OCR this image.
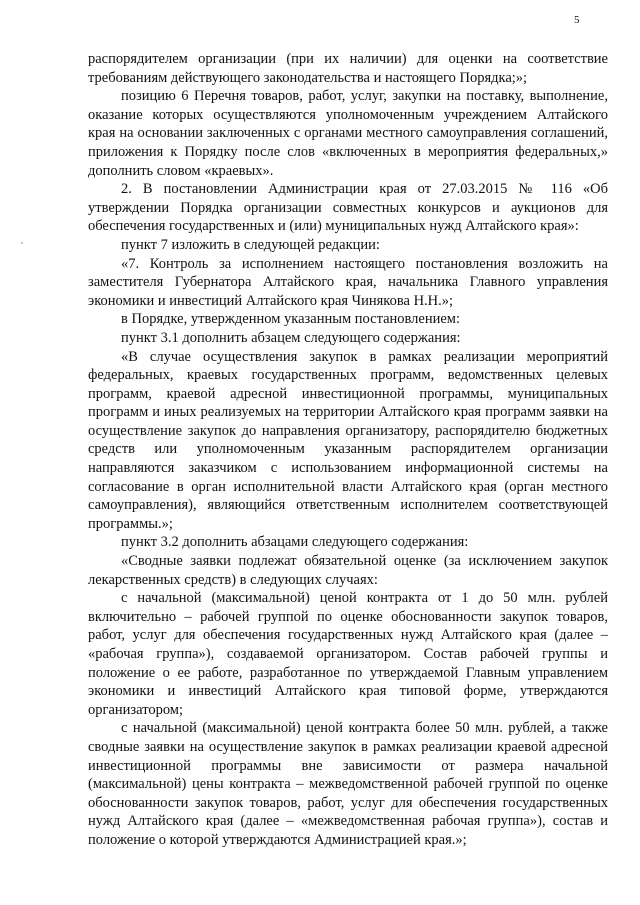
5
,

распорядителем организации (при их наличии) для оценки на соответствие требованиям действующего законодательства и настоящего Порядка;»;

позицию 6 Перечня товаров, работ, услуг, закупки на поставку, выполнение, оказание которых осуществляются уполномоченным учреждением Алтайского края на основании заключенных с органами местного самоуправления соглашений, приложения к Порядку после слов «включенных в мероприятия федеральных,» дополнить словом «краевых».

2. В постановлении Администрации края от 27.03.2015 № 116 «Об утверждении Порядка организации совместных конкурсов и аукционов для обеспечения государственных и (или) муниципальных нужд Алтайского края»:

пункт 7 изложить в следующей редакции:

«7. Контроль за исполнением настоящего постановления возложить на заместителя Губернатора Алтайского края, начальника Главного управления экономики и инвестиций Алтайского края Чинякова Н.Н.»;

в Порядке, утвержденном указанным постановлением:

пункт 3.1 дополнить абзацем следующего содержания:

«В случае осуществления закупок в рамках реализации мероприятий федеральных, краевых государственных программ, ведомственных целевых программ, краевой адресной инвестиционной программы, муниципальных программ и иных реализуемых на территории Алтайского края программ заявки на осуществление закупок до направления организатору, распорядителю бюджетных средств или уполномоченным указанным распорядителем организации направляются заказчиком с использованием информационной системы на согласование в орган исполнительной власти Алтайского края (орган местного самоуправления), являющийся ответственным исполнителем соответствующей программы.»;

пункт 3.2 дополнить абзацами следующего содержания:

«Сводные заявки подлежат обязательной оценке (за исключением закупок лекарственных средств) в следующих случаях:

с начальной (максимальной) ценой контракта от 1 до 50 млн. рублей включительно – рабочей группой по оценке обоснованности закупок товаров, работ, услуг для обеспечения государственных нужд Алтайского края (далее – «рабочая группа»), создаваемой организатором. Состав рабочей группы и положение о ее работе, разработанное по утверждаемой Главным управлением экономики и инвестиций Алтайского края типовой форме, утверждаются организатором;

с начальной (максимальной) ценой контракта более 50 млн. рублей, а также сводные заявки на осуществление закупок в рамках реализации краевой адресной инвестиционной программы вне зависимости от размера начальной (максимальной) цены контракта – межведомственной рабочей группой по оценке обоснованности закупок товаров, работ, услуг для обеспечения государственных нужд Алтайского края (далее – «межведомственная рабочая группа»), состав и положение о которой утверждаются Администрацией края.»;
